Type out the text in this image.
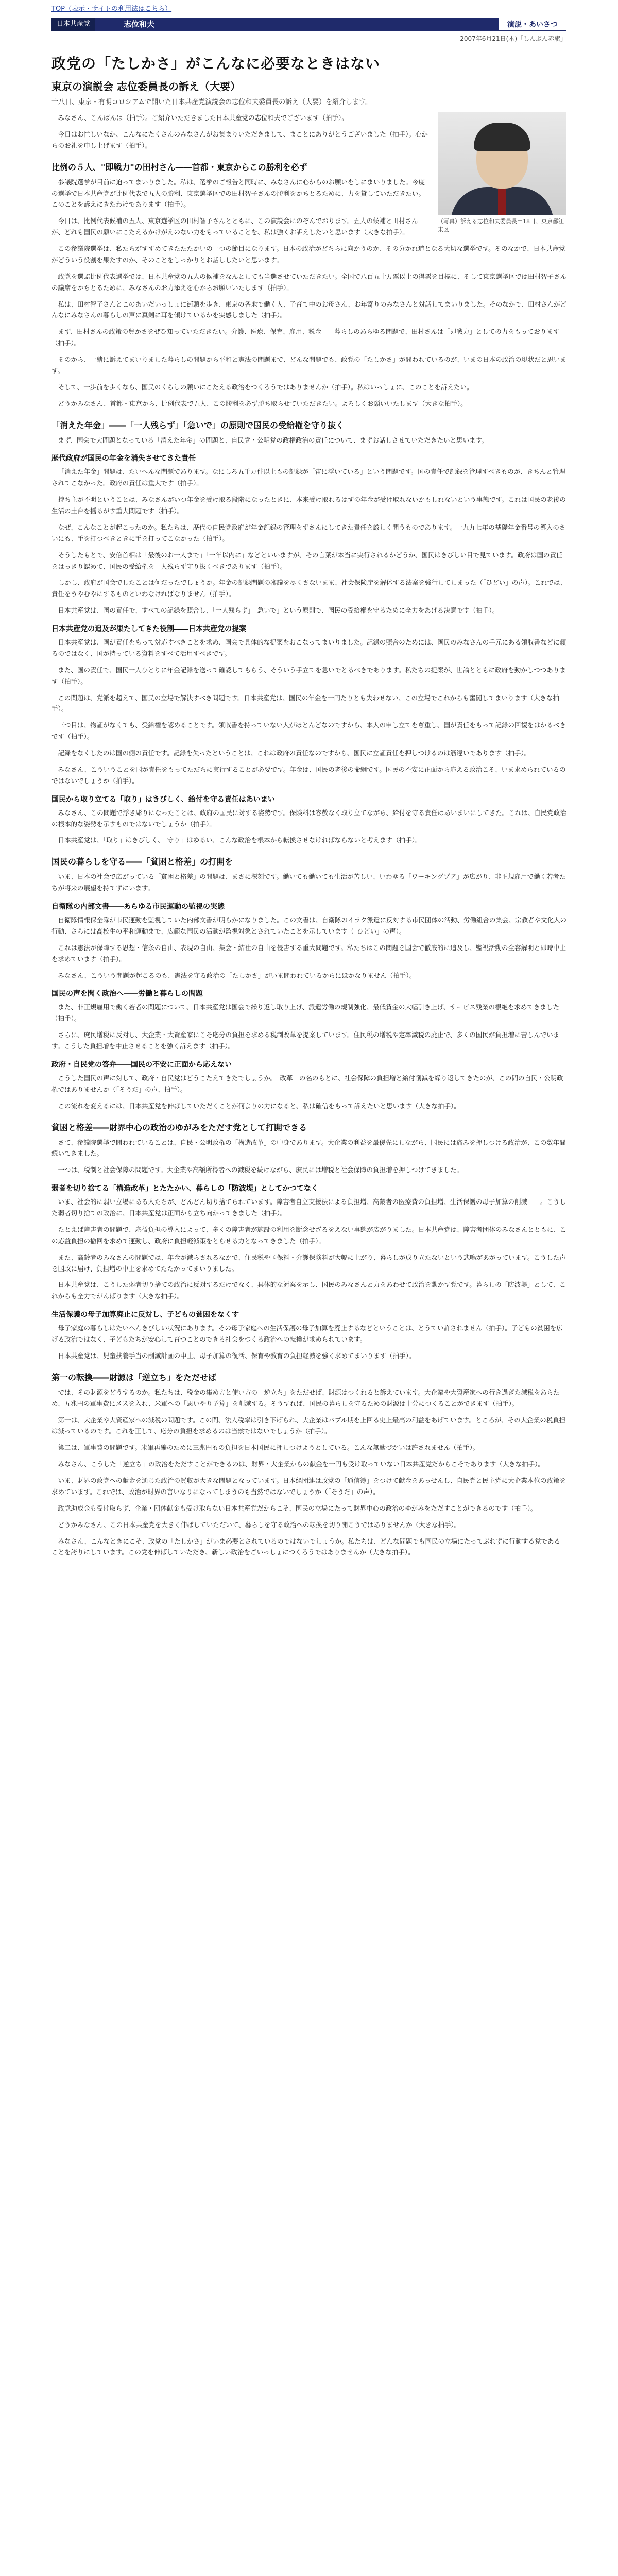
TOP（表示・サイトの利用法はこちら）
日本共産党	志位和夫	演説・あいさつ
2007年6月21日(木)「しんぶん赤旗」
政党の「たしかさ」がこんなに必要なときはない
東京の演説会 志位委員長の訴え（大要）

十八日、東京・有明コロシアムで開いた日本共産党演説会の志位和夫委員長の訴え（大要）を紹介します。

（写真）訴える志位和夫委員長＝18日、東京都江東区

みなさん、こんばんは（拍手）。ご紹介いただきました日本共産党の志位和夫でございます（拍手）。

今日はお忙しいなか、こんなにたくさんのみなさんがお集まりいただきまして、まことにありがとうございました（拍手）。心からのお礼を申し上げます（拍手）。

比例の５人、"即戦力"の田村さん――首都・東京からこの勝利を必ず

参議院選挙が目前に迫ってまいりました。私は、選挙のご報告と同時に、みなさんに心からのお願いをしにまいりました。今度の選挙で日本共産党が比例代表で五人の勝利、東京選挙区での田村智子さんの勝利をかちとるために、力を貸していただきたい。このことを訴えにきたわけであります（拍手）。

今日は、比例代表候補の五人、東京選挙区の田村智子さんとともに、この演説会にのぞんでおります。五人の候補と田村さんが、どれも国民の願いにこたえるかけがえのない力をもっていることを、私は強くお訴えしたいと思います（大きな拍手）。

この参議院選挙は、私たちがすすめてきたたたかいの一つの節目になります。日本の政治がどちらに向かうのか、その分かれ道となる大切な選挙です。そのなかで、日本共産党がどういう役割を果たすのか、そのことをしっかりとお話ししたいと思います。

政党を選ぶ比例代表選挙では、日本共産党の五人の候補をなんとしても当選させていただきたい。全国で八百五十万票以上の得票を目標に、そして東京選挙区では田村智子さんの議席をかちとるために、みなさんのお力添えを心からお願いいたします（拍手）。

私は、田村智子さんとこのあいだいっしょに街頭を歩き、東京の各地で働く人、子育て中のお母さん、お年寄りのみなさんと対話してまいりました。そのなかで、田村さんがどんなにみなさんの暮らしの声に真剣に耳を傾けているかを実感しました（拍手）。

まず、田村さんの政策の豊かさをぜひ知っていただきたい。介護、医療、保育、雇用、税金――暮らしのあらゆる問題で、田村さんは「即戦力」としての力をもっております（拍手）。

そのから、一緒に訴えてまいりました暮らしの問題から平和と憲法の問題まで、どんな問題でも、政党の「たしかさ」が問われているのが、いまの日本の政治の現状だと思います。

そして、一歩前を歩くなら、国民のくらしの願いにこたえる政治をつくろうではありませんか（拍手）。私はいっしょに、このことを訴えたい。

どうかみなさん、首都・東京から、比例代表で五人、この勝利を必ず勝ち取らせていただきたい。よろしくお願いいたします（大きな拍手）。

「消えた年金」――「一人残らず」「急いで」の原則で国民の受給権を守り抜く

まず、国会で大問題となっている「消えた年金」の問題と、自民党・公明党の政権政治の責任について、まずお話しさせていただきたいと思います。

歴代政府が国民の年金を消失させてきた責任

「消えた年金」問題は、たいへんな問題であります。なにしろ五千万件以上もの記録が「宙に浮いている」という問題です。国の責任で記録を管理すべきものが、きちんと管理されてこなかった。政府の責任は重大です（拍手）。

持ち主が不明ということは、みなさんがいつ年金を受け取る段階になったときに、本来受け取れるはずの年金が受け取れないかもしれないという事態です。これは国民の老後の生活の土台を揺るがす重大問題です（拍手）。

なぜ、こんなことが起こったのか。私たちは、歴代の自民党政府が年金記録の管理をずさんにしてきた責任を厳しく問うものであります。一九九七年の基礎年金番号の導入のさいにも、手を打つべきときに手を打ってこなかった（拍手）。

そうしたもとで、安倍首相は「最後のお一人まで」「一年以内に」などといいますが、その言葉が本当に実行されるかどうか、国民はきびしい目で見ています。政府は国の責任をはっきり認めて、国民の受給権を一人残らず守り抜くべきであります（拍手）。

しかし、政府が国会でしたことは何だったでしょうか。年金の記録問題の審議を尽くさないまま、社会保険庁を解体する法案を強行してしまった（「ひどい」の声）。これでは、責任をうやむやにするものといわなければなりません（拍手）。

日本共産党は、国の責任で、すべての記録を照合し、「一人残らず」「急いで」という原則で、国民の受給権を守るために全力をあげる決意です（拍手）。

日本共産党の追及が果たしてきた役割――日本共産党の提案

日本共産党は、国が責任をもって対応すべきことを求め、国会で具体的な提案をおこなってまいりました。記録の照合のためには、国民のみなさんの手元にある領収書などに頼るのではなく、国が持っている資料をすべて活用すべきです。

また、国の責任で、国民一人ひとりに年金記録を送って確認してもらう、そういう手立てを急いでとるべきであります。私たちの提案が、世論とともに政府を動かしつつあります（拍手）。

この問題は、党派を超えて、国民の立場で解決すべき問題です。日本共産党は、国民の年金を一円たりとも失わせない、この立場でこれからも奮闘してまいります（大きな拍手）。

三つ目は、物証がなくても、受給権を認めることです。領収書を持っていない人がほとんどなのですから、本人の申し立てを尊重し、国が責任をもって記録の回復をはかるべきです（拍手）。

記録をなくしたのは国の側の責任です。記録を失ったということは、これは政府の責任なのですから、国民に立証責任を押しつけるのは筋違いであります（拍手）。

みなさん、こういうことを国が責任をもってただちに実行することが必要です。年金は、国民の老後の命綱です。国民の不安に正面から応える政治こそ、いま求められているのではないでしょうか（拍手）。

国民から取り立てる「取り」はきびしく、給付を守る責任はあいまい

みなさん、この問題で浮き彫りになったことは、政府の国民に対する姿勢です。保険料は容赦なく取り立てながら、給付を守る責任はあいまいにしてきた。これは、自民党政治の根本的な姿勢を示すものではないでしょうか（拍手）。

日本共産党は、「取り」はきびしく、「守り」はゆるい、こんな政治を根本から転換させなければならないと考えます（拍手）。

国民の暮らしを守る――「貧困と格差」の打開を

いま、日本の社会で広がっている「貧困と格差」の問題は、まさに深刻です。働いても働いても生活が苦しい、いわゆる「ワーキングプア」が広がり、非正規雇用で働く若者たちが将来の展望を持てずにいます。

自衛隊の内部文書――あらゆる市民運動の監視の実態

自衛隊情報保全隊が市民運動を監視していた内部文書が明らかになりました。この文書は、自衛隊のイラク派遣に反対する市民団体の活動、労働組合の集会、宗教者や文化人の行動、さらには高校生の平和運動まで、広範な国民の活動が監視対象とされていたことを示しています（「ひどい」の声）。

これは憲法が保障する思想・信条の自由、表現の自由、集会・結社の自由を侵害する重大問題です。私たちはこの問題を国会で徹底的に追及し、監視活動の全容解明と即時中止を求めています（拍手）。

みなさん、こういう問題が起こるのも、憲法を守る政治の「たしかさ」がいま問われているからにほかなりません（拍手）。

国民の声を聞く政治へ――労働と暮らしの問題

また、非正規雇用で働く若者の問題について、日本共産党は国会で繰り返し取り上げ、派遣労働の規制強化、最低賃金の大幅引き上げ、サービス残業の根絶を求めてきました（拍手）。

さらに、庶民増税に反対し、大企業・大資産家にこそ応分の負担を求める税制改革を提案しています。住民税の増税や定率減税の廃止で、多くの国民が負担増に苦しんでいます。こうした負担増を中止させることを強く訴えます（拍手）。

政府・自民党の答弁――国民の不安に正面から応えない

こうした国民の声に対して、政府・自民党はどうこたえてきたでしょうか。「改革」の名のもとに、社会保障の負担増と給付削減を繰り返してきたのが、この間の自民・公明政権ではありませんか（「そうだ」の声、拍手）。

この流れを変えるには、日本共産党を伸ばしていただくことが何よりの力になると、私は確信をもって訴えたいと思います（大きな拍手）。

貧困と格差――財界中心の政治のゆがみをただす党として打開できる

さて、参議院選挙で問われていることは、自民・公明政権の「構造改革」の中身であります。大企業の利益を最優先にしながら、国民には痛みを押しつける政治が、この数年間続いてきました。

一つは、税制と社会保障の問題です。大企業や高額所得者への減税を続けながら、庶民には増税と社会保障の負担増を押しつけてきました。

弱者を切り捨てる「構造改革」とたたかい、暮らしの「防波堤」としてかつてなく

いま、社会的に弱い立場にある人たちが、どんどん切り捨てられています。障害者自立支援法による負担増、高齢者の医療費の負担増、生活保護の母子加算の削減――。こうした弱者切り捨ての政治に、日本共産党は正面から立ち向かってきました（拍手）。

たとえば障害者の問題で、応益負担の導入によって、多くの障害者が施設の利用を断念せざるをえない事態が広がりました。日本共産党は、障害者団体のみなさんとともに、この応益負担の撤回を求めて運動し、政府に負担軽減策をとらせる力となってきました（拍手）。

また、高齢者のみなさんの問題では、年金が減らされるなかで、住民税や国保料・介護保険料が大幅に上がり、暮らしが成り立たないという悲鳴があがっています。こうした声を国政に届け、負担増の中止を求めてたたかってまいりました。

日本共産党は、こうした弱者切り捨ての政治に反対するだけでなく、具体的な対案を示し、国民のみなさんと力をあわせて政治を動かす党です。暮らしの「防波堤」として、これからも全力でがんばります（大きな拍手）。

生活保護の母子加算廃止に反対し、子どもの貧困をなくす

母子家庭の暮らしはたいへんきびしい状況にあります。その母子家庭への生活保護の母子加算を廃止するなどということは、とうてい許されません（拍手）。子どもの貧困を広げる政治ではなく、子どもたちが安心して育つことのできる社会をつくる政治への転換が求められています。

日本共産党は、児童扶養手当の削減計画の中止、母子加算の復活、保育や教育の負担軽減を強く求めてまいります（拍手）。

第一の転換――財源は「逆立ち」をただせば

では、その財源をどうするのか。私たちは、税金の集め方と使い方の「逆立ち」をただせば、財源はつくれると訴えています。大企業や大資産家への行き過ぎた減税をあらため、五兆円の軍事費にメスを入れ、米軍への「思いやり予算」を削減する。そうすれば、国民の暮らしを守るための財源は十分につくることができます（拍手）。

第一は、大企業や大資産家への減税の問題です。この間、法人税率は引き下げられ、大企業はバブル期を上回る史上最高の利益をあげています。ところが、その大企業の税負担は減っているのです。これを正して、応分の負担を求めるのは当然ではないでしょうか（拍手）。

第二は、軍事費の問題です。米軍再編のために三兆円もの負担を日本国民に押しつけようとしている。こんな無駄づかいは許されません（拍手）。

みなさん、こうした「逆立ち」の政治をただすことができるのは、財界・大企業からの献金を一円も受け取っていない日本共産党だからこそであります（大きな拍手）。

いま、財界の政党への献金を通じた政治の買収が大きな問題となっています。日本経団連は政党の「通信簿」をつけて献金をあっせんし、自民党と民主党に大企業本位の政策を求めています。これでは、政治が財界の言いなりになってしまうのも当然ではないでしょうか（「そうだ」の声）。

政党助成金も受け取らず、企業・団体献金も受け取らない日本共産党だからこそ、国民の立場にたって財界中心の政治のゆがみをただすことができるのです（拍手）。

どうかみなさん、この日本共産党を大きく伸ばしていただいて、暮らしを守る政治への転換を切り開こうではありませんか（大きな拍手）。

みなさん、こんなときにこそ、政党の「たしかさ」がいま必要とされているのではないでしょうか。私たちは、どんな問題でも国民の立場にたってぶれずに行動する党であることを誇りにしています。この党を伸ばしていただき、新しい政治をごいっしょにつくろうではありませんか（大きな拍手）。
